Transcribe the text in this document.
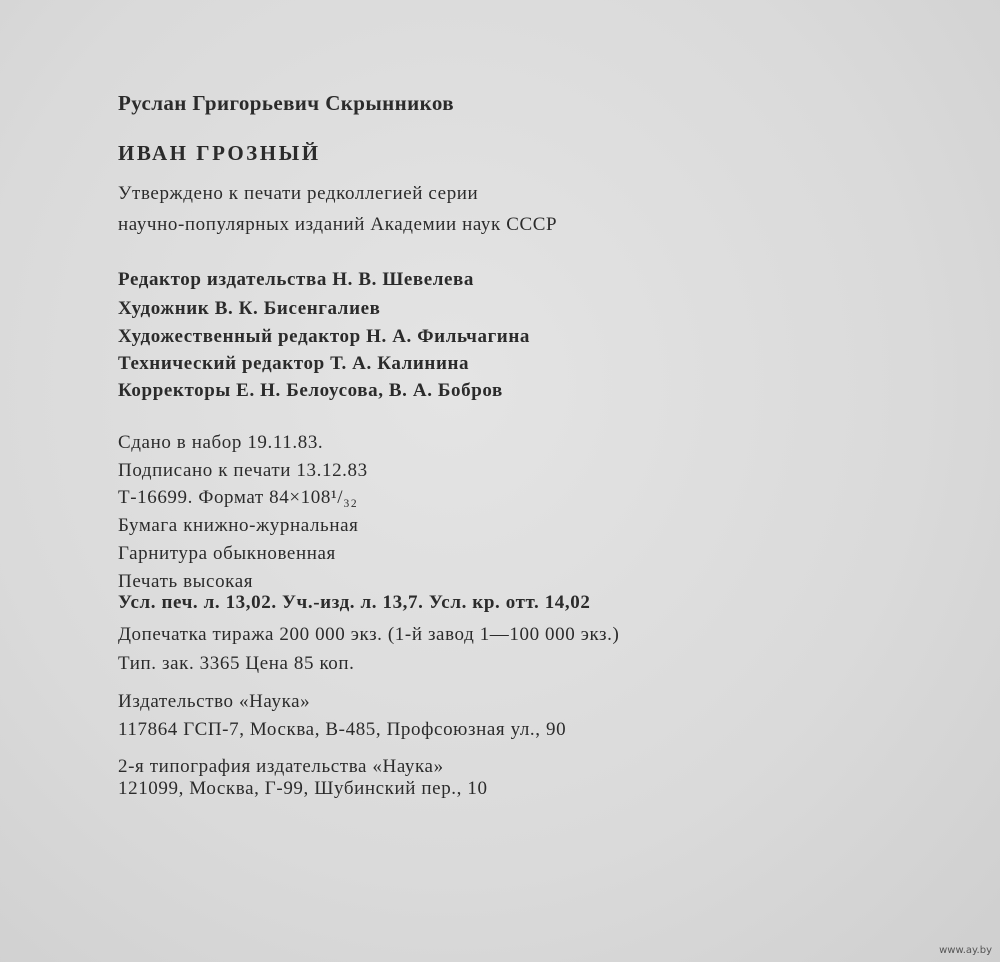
Руслан Григорьевич Скрынников
ИВАН ГРОЗНЫЙ
Утверждено к печати редколлегией серии
научно-популярных изданий Академии наук СССР
Редактор издательства Н. В. Шевелева
Художник В. К. Бисенгалиев
Художественный редактор Н. А. Фильчагина
Технический редактор Т. А. Калинина
Корректоры Е. Н. Белоусова, В. А. Бобров
Сдано в набор 19.11.83.
Подписано к печати 13.12.83
Т-16699. Формат 84×108¹/₃₂
Бумага книжно-журнальная
Гарнитура обыкновенная
Печать высокая
Усл. печ. л. 13,02. Уч.-изд. л. 13,7. Усл. кр. отт. 14,02
Допечатка тиража 200 000 экз. (1-й завод 1—100 000 экз.)
Тип. зак. 3365 Цена 85 коп.
Издательство «Наука»
117864 ГСП-7, Москва, В-485, Профсоюзная ул., 90
2-я типография издательства «Наука»
121099, Москва, Г-99, Шубинский пер., 10
www.ay.by
